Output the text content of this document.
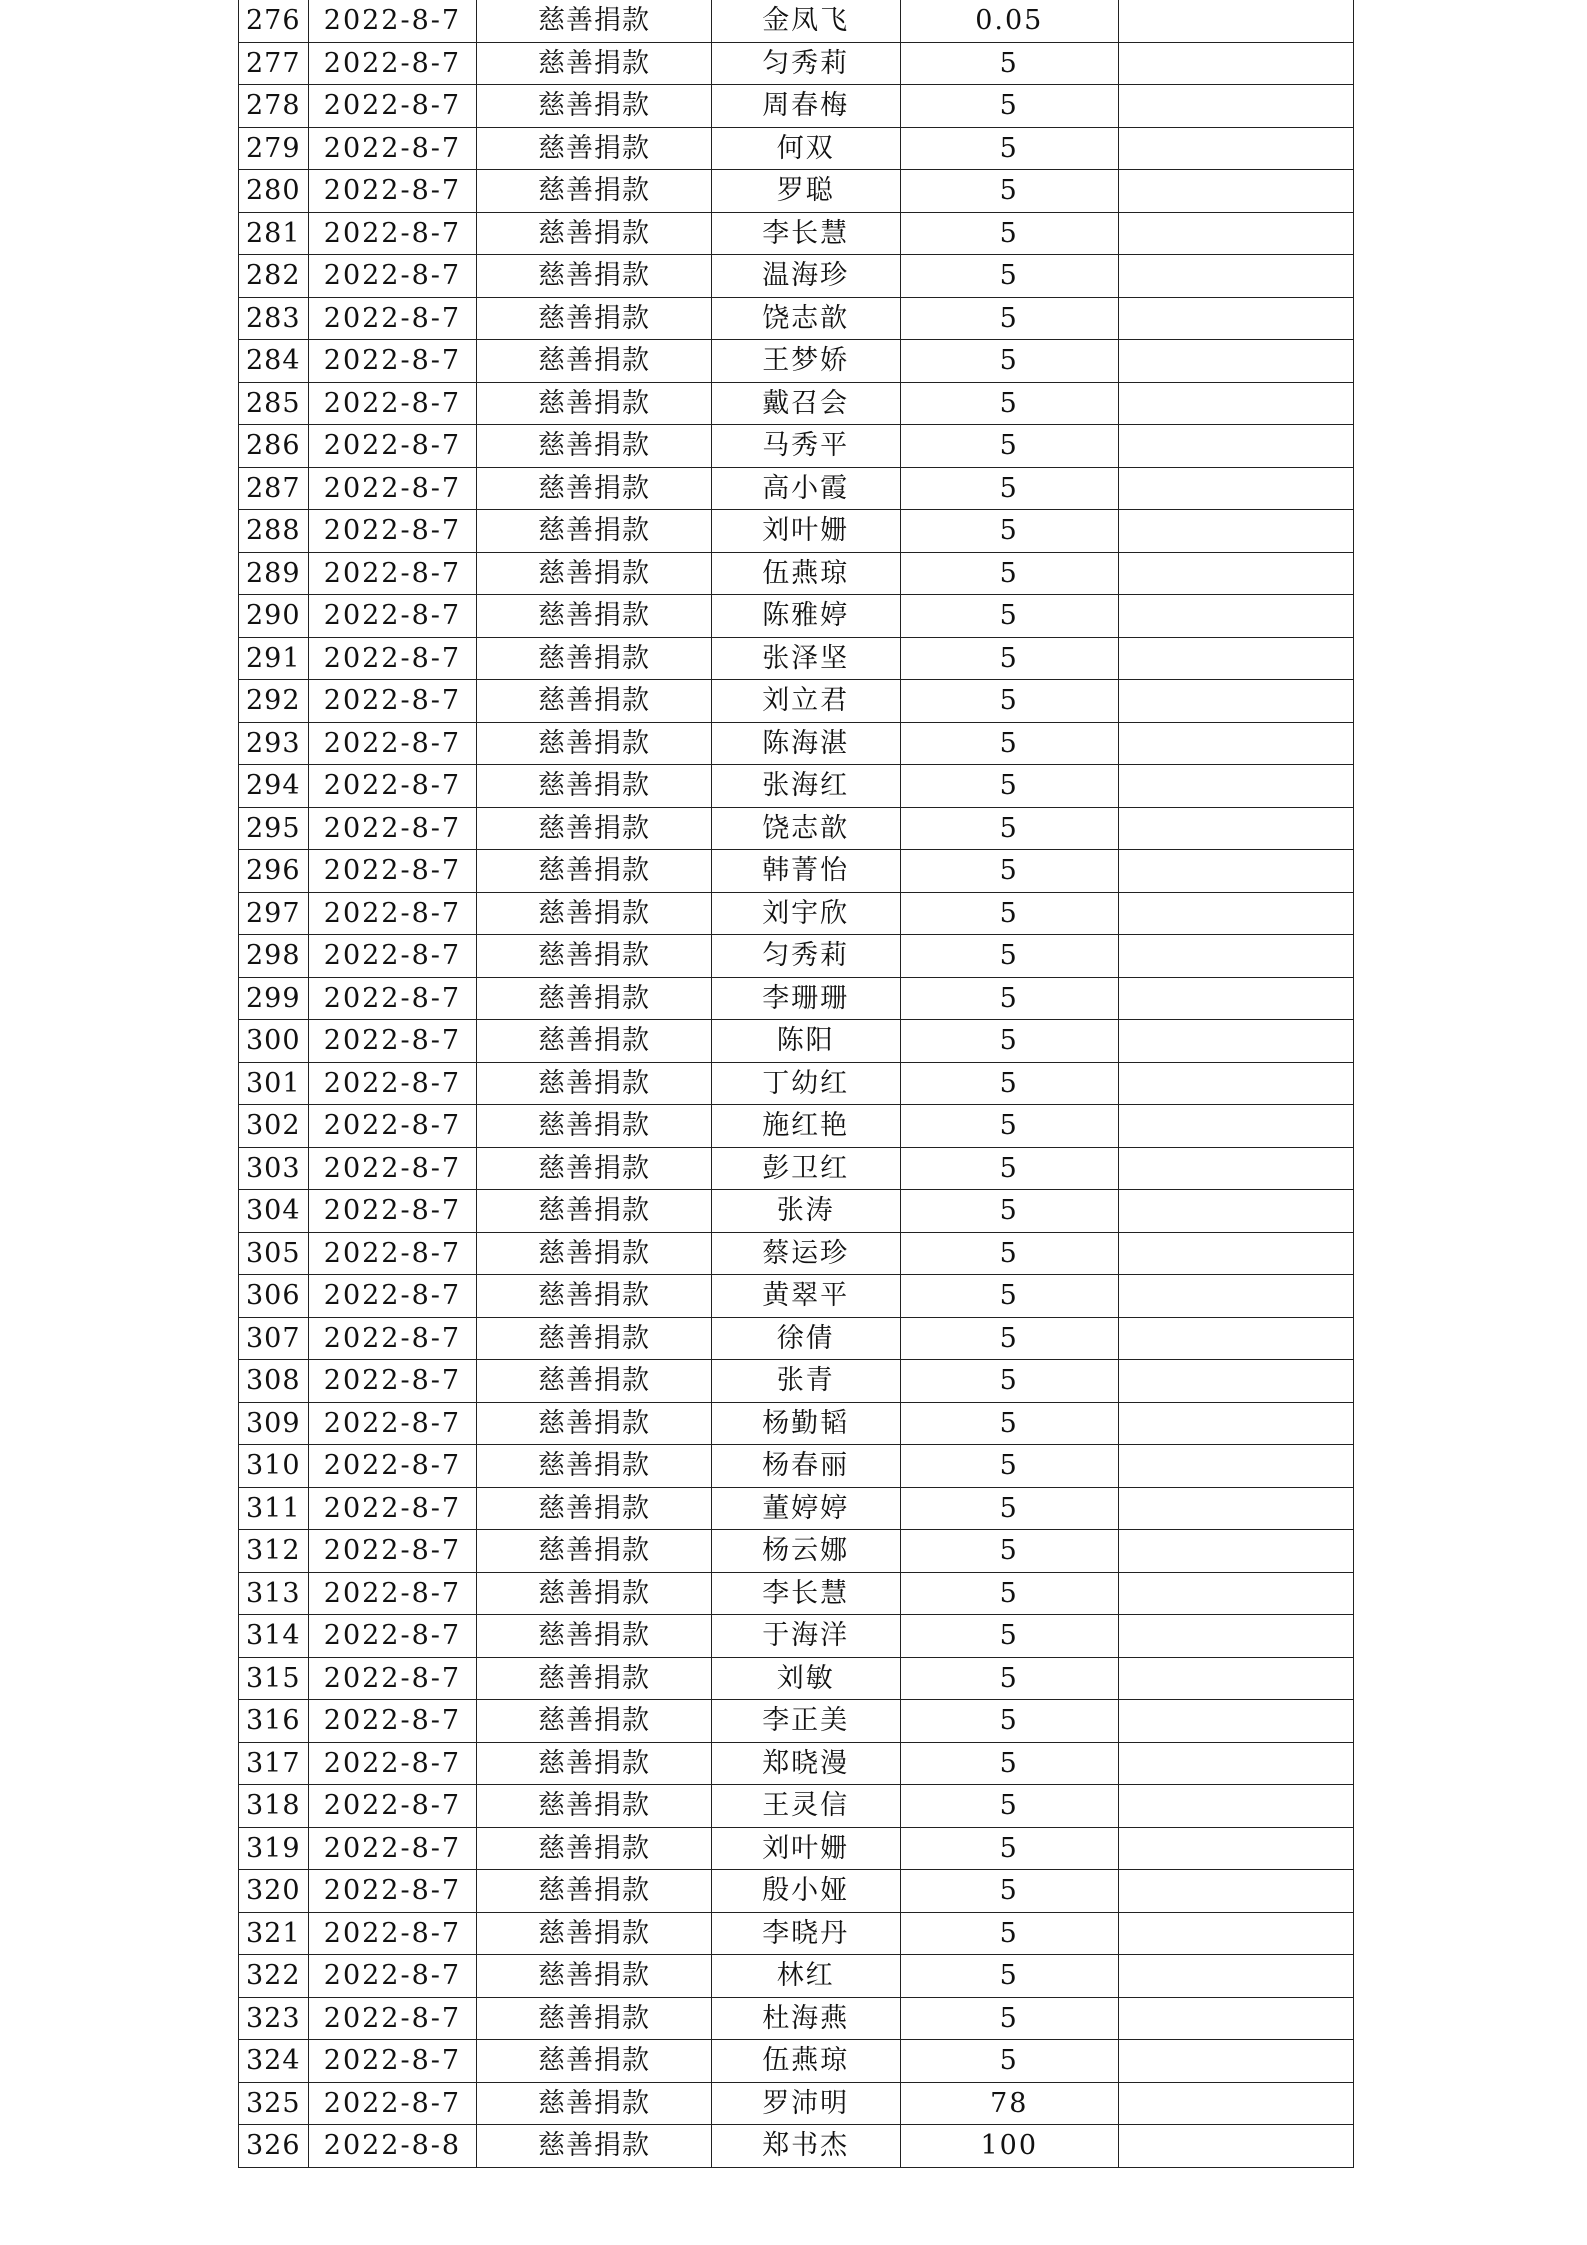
276	2022-8-7	慈善捐款	金凤飞	0.05	
277	2022-8-7	慈善捐款	匀秀莉	5	
278	2022-8-7	慈善捐款	周春梅	5	
279	2022-8-7	慈善捐款	何双	5	
280	2022-8-7	慈善捐款	罗聪	5	
281	2022-8-7	慈善捐款	李长慧	5	
282	2022-8-7	慈善捐款	温海珍	5	
283	2022-8-7	慈善捐款	饶志歆	5	
284	2022-8-7	慈善捐款	王梦娇	5	
285	2022-8-7	慈善捐款	戴召会	5	
286	2022-8-7	慈善捐款	马秀平	5	
287	2022-8-7	慈善捐款	高小霞	5	
288	2022-8-7	慈善捐款	刘叶姗	5	
289	2022-8-7	慈善捐款	伍燕琼	5	
290	2022-8-7	慈善捐款	陈雅婷	5	
291	2022-8-7	慈善捐款	张泽坚	5	
292	2022-8-7	慈善捐款	刘立君	5	
293	2022-8-7	慈善捐款	陈海湛	5	
294	2022-8-7	慈善捐款	张海红	5	
295	2022-8-7	慈善捐款	饶志歆	5	
296	2022-8-7	慈善捐款	韩菁怡	5	
297	2022-8-7	慈善捐款	刘宇欣	5	
298	2022-8-7	慈善捐款	匀秀莉	5	
299	2022-8-7	慈善捐款	李珊珊	5	
300	2022-8-7	慈善捐款	陈阳	5	
301	2022-8-7	慈善捐款	丁幼红	5	
302	2022-8-7	慈善捐款	施红艳	5	
303	2022-8-7	慈善捐款	彭卫红	5	
304	2022-8-7	慈善捐款	张涛	5	
305	2022-8-7	慈善捐款	蔡运珍	5	
306	2022-8-7	慈善捐款	黄翠平	5	
307	2022-8-7	慈善捐款	徐倩	5	
308	2022-8-7	慈善捐款	张青	5	
309	2022-8-7	慈善捐款	杨勤韬	5	
310	2022-8-7	慈善捐款	杨春丽	5	
311	2022-8-7	慈善捐款	董婷婷	5	
312	2022-8-7	慈善捐款	杨云娜	5	
313	2022-8-7	慈善捐款	李长慧	5	
314	2022-8-7	慈善捐款	于海洋	5	
315	2022-8-7	慈善捐款	刘敏	5	
316	2022-8-7	慈善捐款	李正美	5	
317	2022-8-7	慈善捐款	郑晓漫	5	
318	2022-8-7	慈善捐款	王灵信	5	
319	2022-8-7	慈善捐款	刘叶姗	5	
320	2022-8-7	慈善捐款	殷小娅	5	
321	2022-8-7	慈善捐款	李晓丹	5	
322	2022-8-7	慈善捐款	林红	5	
323	2022-8-7	慈善捐款	杜海燕	5	
324	2022-8-7	慈善捐款	伍燕琼	5	
325	2022-8-7	慈善捐款	罗沛明	78	
326	2022-8-8	慈善捐款	郑书杰	100	
